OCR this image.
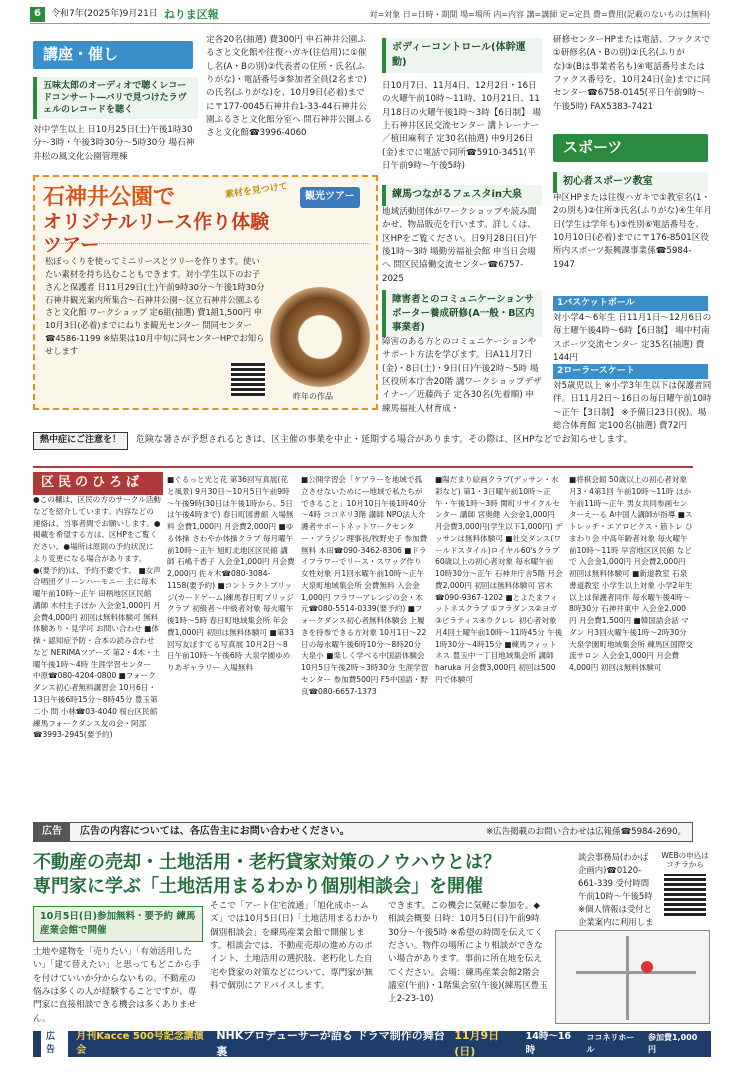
6	令和7年(2025年)9月21日 ねりま区報	対=対象 日=日時・期間 場=場所 内=内容 講=講師 定=定員 費=費用(記載のないものは無料)
講座・催し
五味太郎のオーディオで聴くレコードコンサート―バリで見つけたラヴェルのレコードを聴く
対中学生以上 日10月25日(土)午後1時30分～3時・午後3時30分～5時30分 場石神井松の風文化公園管理棟
石神井公園で
オリジナルリース作り体験ツアー
素材を見つけて	観光ツアー
松ぼっくりを使ってミニリースとツリーを作ります。使いたい素材を持ち込むこともできます。対小学生以下のお子さんと保護者 日11月29日(土)午前9時30分～午後1時30分 石神井観光案内所集合～石神井公園～区立石神井公園ふるさと文化館 ワークショップ 定6組(抽選) 費1組1,500円 申10月3日(必着)までにねりま観光センター 問同センター☎4586-1199 ※結果は10月中旬に同センターHPでお知らせします
昨年の作品
定各20名(抽選) 費300円 申石神井公園ふるさと文化館や往復ハガキ(往信用)に①催し名(A・Bの別)②代表者の住所・氏名(ふりがな)・電話番号③参加者全員(2名まで)の氏名(ふりがな)を、10月9日(必着)までに〒177-0045石神井台1-33-44石神井公園ふるさと文化館分室へ 問石神井公園ふるさと文化館☎3996-4060
ボディーコントロール(体幹運動)
日10月7日、11月4日、12月2日・16日の火曜午前10時～11時、10月21日、11月18日の火曜午後1時～3時【6日制】 場上石神井区民交流センター 講トレーナー／植田麻利子 定30名(抽選) 申9月26日(金)までに電話で同所☎5910-3451(平日午前9時～午後5時)
練馬つながるフェスタin大泉
地域活動団体がワークショップや読み聞かせ、物品販売を行います。詳しくは、区HPをご覧ください。日9月28日(日)午後1時～3時 場勤労福祉会館 申当日会場へ 問区民協働交流センター☎6757-2025
障害者とのコミュニケーションサポーター養成研修(A一般・B区内事業者)
障害のある方とのコミュニケーションやサポート方法を学びます。日A11月7日(金)・8日(土)・9日(日)午後2時～5時 場区役所本庁舎20階 講ワークショップデザイナー／近藤尚子 定各30名(先着順) 申練馬福祉人材育成・
研修センターHPまたは電話、ファクスで①研修名(A・Bの別)②氏名(ふりがな)③(Bは事業者名も)④電話番号またはファクス番号を、10月24日(金)までに同センター☎6758-0145(平日午前9時～午後5時) FAX5383-7421
スポーツ
初心者スポーツ教室
申区HPまたは往復ハガキで①教室名(1・2の別も)②住所③氏名(ふりがな)④生年月日(学生は学年も)⑤性別⑥電話番号を、10月10日(必着)までに〒176-8501区役所内スポーツ振興課事業係☎5984-1947
1バスケットボール
対小学4～6年生 日11月1日～12月6日の毎土曜午後4時～6時【6日制】 場中村南スポーツ交流センター 定35名(抽選) 費144円
2ローラースケート
対5歳児以上 ※小学3年生以下は保護者同伴。日11月2日～16日の毎日曜午前10時～正午【3日制】 ※予備日23日(祝)。場総合体育館 定100名(抽選) 費72円
熱中症にご注意を！	危険な暑さが予想されるときは、区主催の事業を中止・延期する場合があります。その際は、区HPなどでお知らせします。
区民のひろば
●この欄は、区民の方のサークル活動などを紹介しています。内容などの連絡は、当事者間でお願いします。●掲載を希望する方は、区HPをご覧ください。●場所は原則の予約状況により変更になる場合があります。●(要予約)は、予約不要です。 ■女声合唱団グリーンハーモニー 主に毎木曜午前10時～正午 田柄地区区民館 講師 木村圭子ほか 入会金1,000円 月会費4,000円 初回は無料体験可 無料体験あり・見学可 お問い合わせ ■体操・認知症予防・合本の読み合わせなど NERIMAツアーズ 第2・4木・土曜午後1時～4時 生涯学習センター 中原☎080-4204-0800 ■フォークダンス初心者無料講習会 10月6日・13日午後6時15分～8時45分 豊玉第二小 問 小林☎03-4040 桜台区民館 練馬フォークダンス友の会・阿部☎3993-2945(要予約)
■ぐるっと光と花 第36回写真展(花と風景) 9月30日～10月5日午前9時～午後9時(30日は午後1時から、5日は午後4時まで) 春日町図書館 入場無料 会費1,000円 月会費2,000円 ■ゆる体操 さわやか体操クラブ 毎月曜午前10時～正午 旭町北地区区民館 講師 石嶋千香子 入会金1,000円 月会費2,000円 佐々木☎080-3084-1158(要予約) ■コントラクトブリッジ(カードゲーム)練馬春日町ブリッジクラブ 初級者～中級者対象 毎火曜午後1時～5時 春日町地域集会所 年会費1,000円 初回は無料体験可 ■第33回写友ぼすてる写真展 10月2日～8日午前10時～午後6時 大泉学園ゆめりあギャラリー 入場無料
■公開学習会「ケアラーを地域で孤立させないために―地域で私たちができること」10月10日午後1時40分～4時 ココネリ3階 講師 NPO法人介護者サポートネットワークセンター・アラジン理事長/牧野史子 参加費無料 本田☎090-3462-8306 ■ドライフラワーでリース・スワッグ作り 女性対象 月1回水曜午前10時～正午 大泉町地域集会所 会費無料 入会金1,000円 フラワーアレンジの会・木元☎080-5514-0339(要予約) ■フォークダンス初心者無料体験会 上履きを持参できる方対象 10月1日～22日の毎水曜午後6時10分～8時20分 大泉小 ■楽しく学べる中国語体験会 10月5日午後2時～3時30分 生涯学習センター 参加費500円 F5中国語・野良☎080-6657-1373
■陽だまり絵画クラブ(デッサン・水彩など) 第1・3日曜午前10時～正午・午後1時～3時 関町リサイクルセンター 講師 宮奥健 入会金1,000円 月会費3,000円(学生以下1,000円) デッサンは無料体験可 ■社交ダンス(ワールドスタイル)ロイヤル60'sクラブ 60歳以上の初心者対象 毎水曜午前10時30分～正午 石神井庁舎5階 月会費2,000円 初回は無料体験可 宮木☎090-9367-1202 ■とよたまフィットネスクラブ ①フラダンス②ヨガ③ピラティス④ウクレレ 初心者対象 月4回土曜午前10時～11時45分 午後1時30分～4時15分 ■練馬フィットネス 豊玉中一丁目地域集会所 講師 haruka 月会費3,000円 初回は500円で体験可
■将棋会館 50歳以上の初心者対象 月3・4第1回 午前10時～11時 ほか 午前11時～正午 男女共同参画センターえーる A中国人講師が指導 ■ストレッチ・エアロビクス・筋トレ ひまわり会 中高年齢者対象 毎火曜午前10時～11時 早宮地区区民館 などで 入会金1,000円 月会費2,000円 初回は無料体験可 ■新道教室 石泉書道教室 小学生以上対象 小学2年生以上は保護者同伴 毎水曜午後4時～8時30分 石神井東中 入会金2,000円 月会費1,500円 ■韓国語会話 マダン 月3回火曜午後1時～2時30分 大泉学園町地域集会所 練馬区国際交流サロン 入会金1,000円 月会費4,000円 初回は無料体験可
広告	広告の内容については、各広告主にお問い合わせください。	※広告掲載のお問い合わせは広報係☎5984-2690。
不動産の売却・土地活用・老朽貸家対策のノウハウとは？
専門家に学ぶ「土地活用まるわかり個別相談会」を開催
10月5日(日)参加無料・要予約 練馬産業会館で開催
土地や建物を「売りたい」「有効活用したい」「建て替えたい」と思ってもどこから手を付けていいか分からないもの。不動産の悩みは多くの人が経験することですが、専門家に直接相談できる機会は多くありません。
そこで「アート住宅流通」「旭化成ホームズ」では10月5日(日)「土地活用まるわかり個別相談会」を練馬産業会館で開催します。相談会では、不動産売却の進め方のポイント、土地活用の選択肢、老朽化した自宅や貸家の対策などについて、専門家が無料で個別にアドバイスします。
できます。この機会に気軽に参加を。◆相談会概要 日時：10月5日(日)午前9時30分～午後5時 ※希望の時間を伝えてください。物件の場所により相談ができない場合があります。事前に所在地を伝えてください。会場：練馬産業会館2階会議室(午前)・1階集会室(午後)(練馬区豊玉上2-23-10)
談会事務局(わかば企画内)☎0120-661-339 受付時間午前10時～午後5時 ※個人情報は受付と企業案内に利用しま
WEBの申込はコチラから
広告
月刊Kacce 500号記念講演会
NHKプロデューサーが語る ドラマ制作の舞台裏
11月9日(日)
14時～16時
ココネリホール
参加費1,000円
